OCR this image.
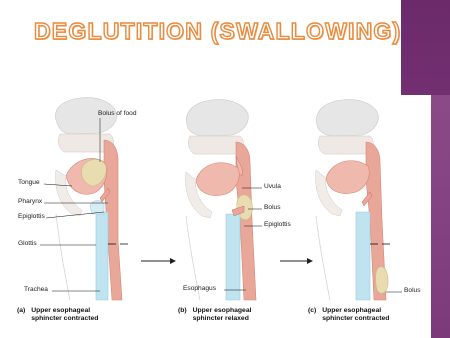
DEGLUTITION (SWALLOWING)
Bolus of food
Tongue
Pharynx
Epiglottis
Glottis
Trachea
Uvula
Bolus
Epiglottis
Esophagus	Bolus
(a) Upper esophageal
sphincter contracted
(b) Upper esophageal
sphincter relaxed
(c) Upper esophageal
sphincter contracted
